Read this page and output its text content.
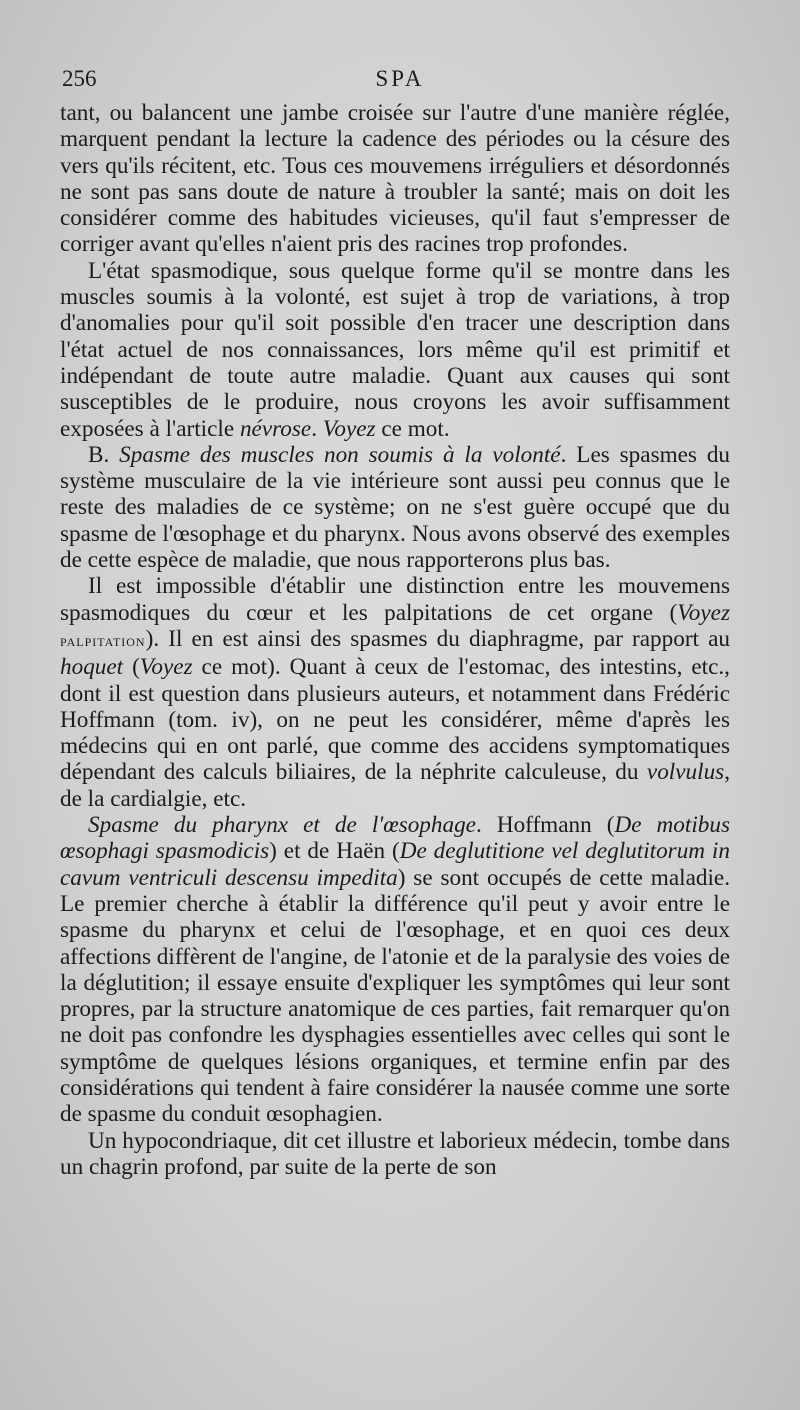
256	SPA

tant, ou balancent une jambe croisée sur l'autre d'une manière réglée, marquent pendant la lecture la cadence des périodes ou la césure des vers qu'ils récitent, etc. Tous ces mouvemens irréguliers et désordonnés ne sont pas sans doute de nature à troubler la santé; mais on doit les considérer comme des habitudes vicieuses, qu'il faut s'empresser de corriger avant qu'elles n'aient pris des racines trop profondes.

L'état spasmodique, sous quelque forme qu'il se montre dans les muscles soumis à la volonté, est sujet à trop de variations, à trop d'anomalies pour qu'il soit possible d'en tracer une description dans l'état actuel de nos connaissances, lors même qu'il est primitif et indépendant de toute autre maladie. Quant aux causes qui sont susceptibles de le produire, nous croyons les avoir suffisamment exposées à l'article névrose. Voyez ce mot.

B. Spasme des muscles non soumis à la volonté. Les spasmes du système musculaire de la vie intérieure sont aussi peu connus que le reste des maladies de ce système; on ne s'est guère occupé que du spasme de l'œsophage et du pharynx. Nous avons observé des exemples de cette espèce de maladie, que nous rapporterons plus bas.

Il est impossible d'établir une distinction entre les mouvemens spasmodiques du cœur et les palpitations de cet organe (Voyez palpitation). Il en est ainsi des spasmes du diaphragme, par rapport au hoquet (Voyez ce mot). Quant à ceux de l'estomac, des intestins, etc., dont il est question dans plusieurs auteurs, et notamment dans Frédéric Hoffmann (tom. iv), on ne peut les considérer, même d'après les médecins qui en ont parlé, que comme des accidens symptomatiques dépendant des calculs biliaires, de la néphrite calculeuse, du volvulus, de la cardialgie, etc.

Spasme du pharynx et de l'œsophage. Hoffmann (De motibus œsophagi spasmodicis) et de Haën (De deglutitione vel deglutitorum in cavum ventriculi descensu impedita) se sont occupés de cette maladie. Le premier cherche à établir la différence qu'il peut y avoir entre le spasme du pharynx et celui de l'œsophage, et en quoi ces deux affections diffèrent de l'angine, de l'atonie et de la paralysie des voies de la déglutition; il essaye ensuite d'expliquer les symptômes qui leur sont propres, par la structure anatomique de ces parties, fait remarquer qu'on ne doit pas confondre les dysphagies essentielles avec celles qui sont le symptôme de quelques lésions organiques, et termine enfin par des considérations qui tendent à faire considérer la nausée comme une sorte de spasme du conduit œsophagien.

Un hypocondriaque, dit cet illustre et laborieux médecin, tombe dans un chagrin profond, par suite de la perte de son
